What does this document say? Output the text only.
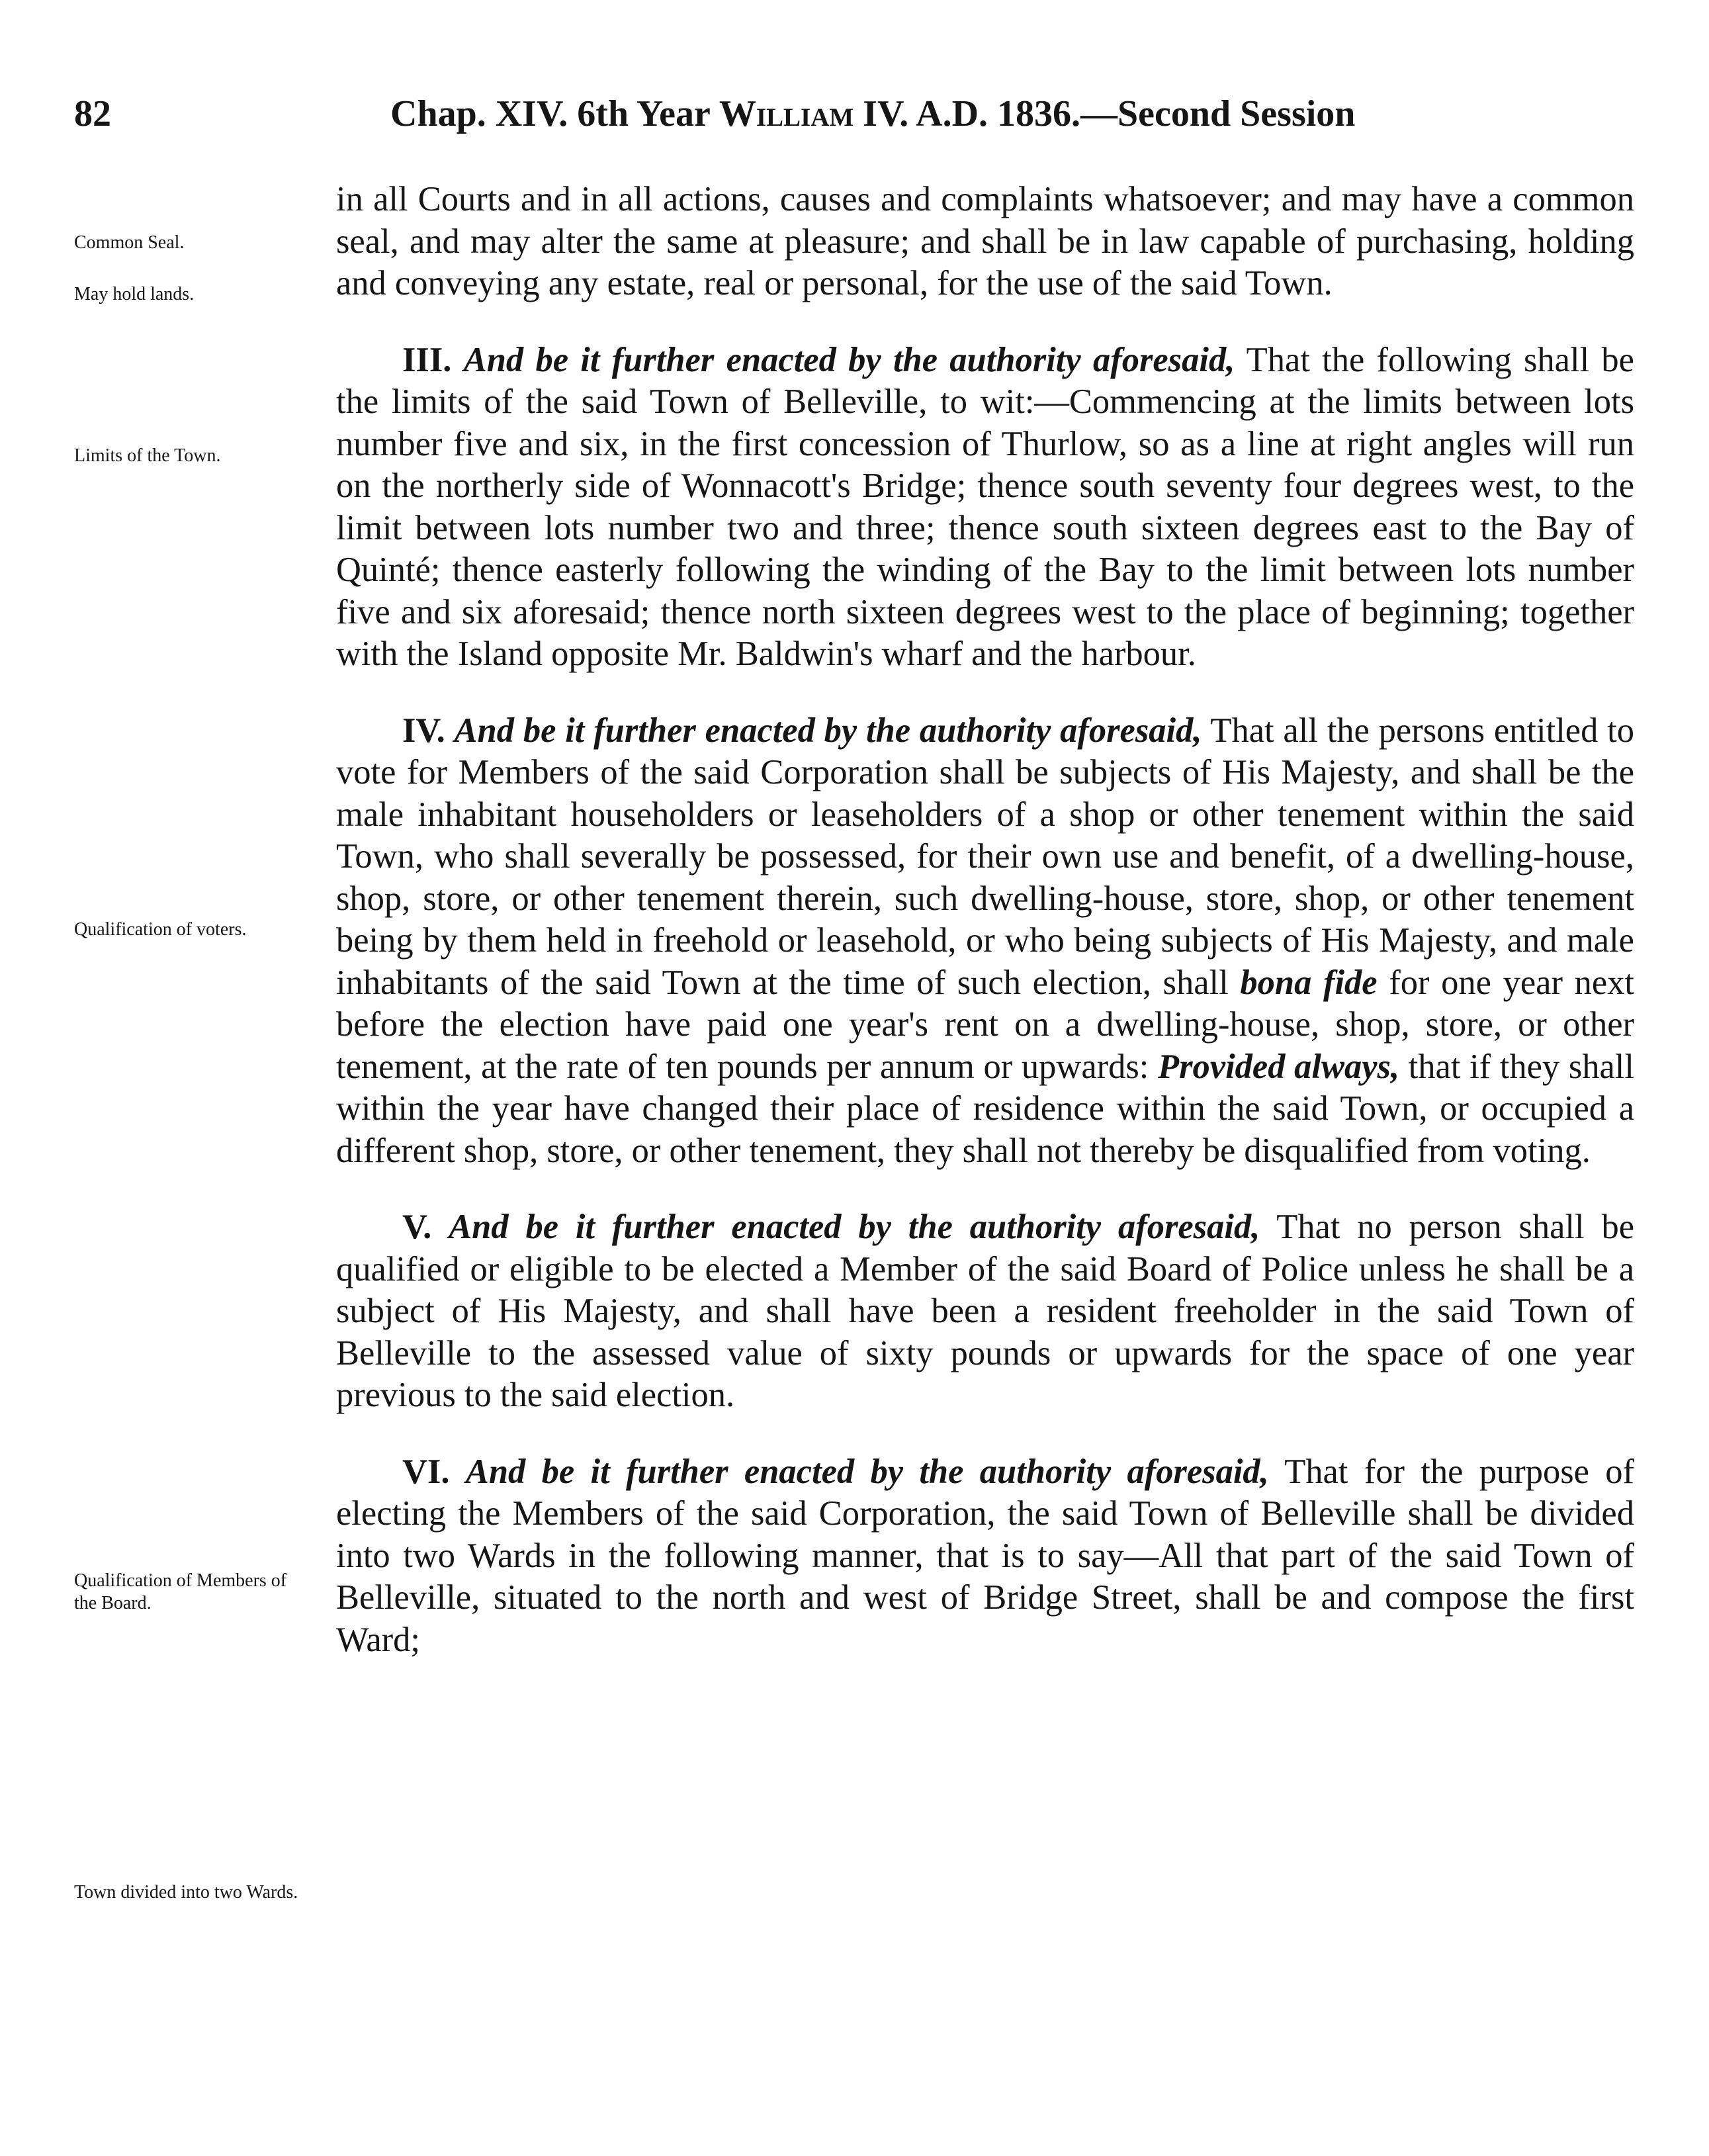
82	Chap. XIV. 6th Year William IV. A.D. 1836.—Second Session
Common Seal.
May hold lands.
Limits of the Town.
Qualification of voters.
Qualification of Members of the Board.
Town divided into two Wards.

in all Courts and in all actions, causes and complaints whatsoever; and may have a common seal, and may alter the same at pleasure; and shall be in law capable of purchasing, holding and conveying any estate, real or personal, for the use of the said Town.

III. And be it further enacted by the authority aforesaid, That the following shall be the limits of the said Town of Belleville, to wit:—Commencing at the limits between lots number five and six, in the first concession of Thurlow, so as a line at right angles will run on the northerly side of Wonnacott's Bridge; thence south seventy four degrees west, to the limit between lots number two and three; thence south sixteen degrees east to the Bay of Quinté; thence easterly following the winding of the Bay to the limit between lots number five and six aforesaid; thence north sixteen degrees west to the place of beginning; together with the Island opposite Mr. Baldwin's wharf and the harbour.

IV. And be it further enacted by the authority aforesaid, That all the persons entitled to vote for Members of the said Corporation shall be subjects of His Majesty, and shall be the male inhabitant householders or leaseholders of a shop or other tenement within the said Town, who shall severally be possessed, for their own use and benefit, of a dwelling-house, shop, store, or other tenement therein, such dwelling-house, store, shop, or other tenement being by them held in freehold or leasehold, or who being subjects of His Majesty, and male inhabitants of the said Town at the time of such election, shall bona fide for one year next before the election have paid one year's rent on a dwelling-house, shop, store, or other tenement, at the rate of ten pounds per annum or upwards: Provided always, that if they shall within the year have changed their place of residence within the said Town, or occupied a different shop, store, or other tenement, they shall not thereby be disqualified from voting.

V. And be it further enacted by the authority aforesaid, That no person shall be qualified or eligible to be elected a Member of the said Board of Police unless he shall be a subject of His Majesty, and shall have been a resident freeholder in the said Town of Belleville to the assessed value of sixty pounds or upwards for the space of one year previous to the said election.

VI. And be it further enacted by the authority aforesaid, That for the purpose of electing the Members of the said Corporation, the said Town of Belleville shall be divided into two Wards in the following manner, that is to say—All that part of the said Town of Belleville, situated to the north and west of Bridge Street, shall be and compose the first Ward;
